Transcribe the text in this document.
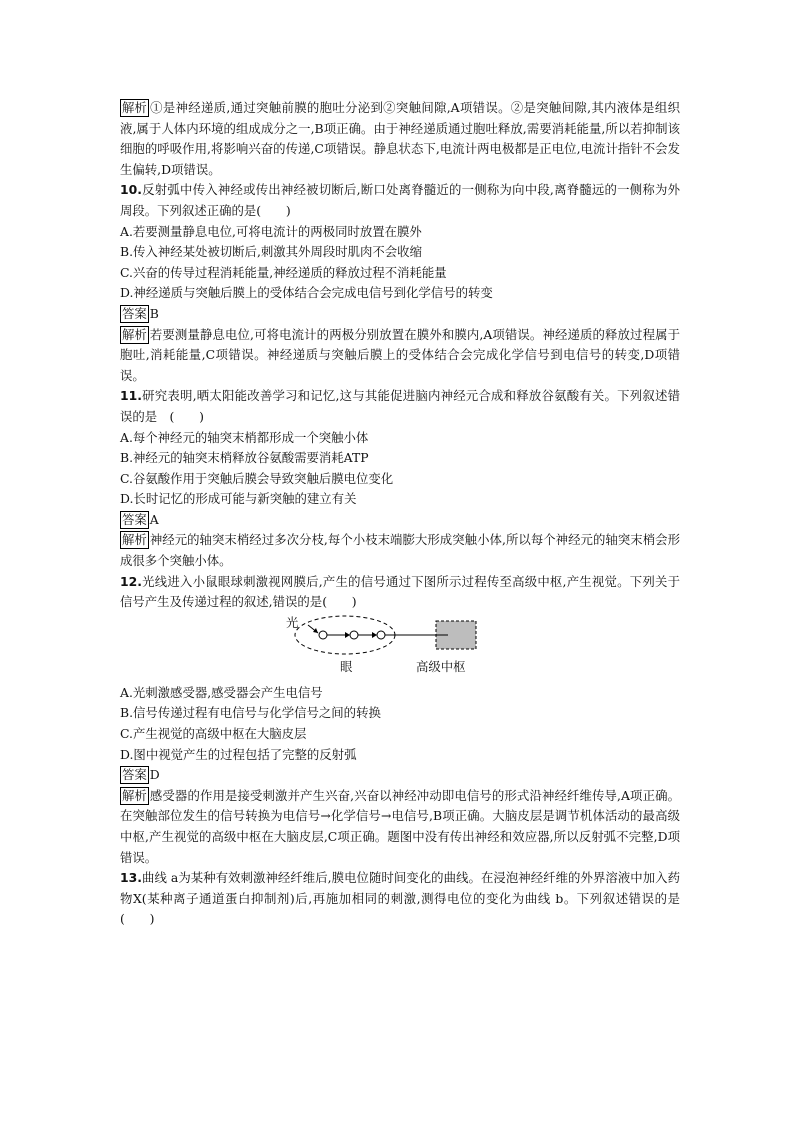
解析 ①是神经递质,通过突触前膜的胞吐分泌到②突触间隙,A项错误。②是突触间隙,其内液体是组织液,属于人体内环境的组成成分之一,B项正确。由于神经递质通过胞吐释放,需要消耗能量,所以若抑制该细胞的呼吸作用,将影响兴奋的传递,C项错误。静息状态下,电流计两电极都是正电位,电流计指针不会发生偏转,D项错误。

10.反射弧中传入神经或传出神经被切断后,断口处离脊髓近的一侧称为向中段,离脊髓远的一侧称为外周段。下列叙述正确的是(　　)

A.若要测量静息电位,可将电流计的两极同时放置在膜外

B.传入神经某处被切断后,刺激其外周段时肌肉不会收缩

C.兴奋的传导过程消耗能量,神经递质的释放过程不消耗能量

D.神经递质与突触后膜上的受体结合会完成电信号到化学信号的转变

答案 B

解析 若要测量静息电位,可将电流计的两极分别放置在膜外和膜内,A项错误。神经递质的释放过程属于胞吐,消耗能量,C项错误。神经递质与突触后膜上的受体结合会完成化学信号到电信号的转变,D项错误。

11.研究表明,晒太阳能改善学习和记忆,这与其能促进脑内神经元合成和释放谷氨酸有关。下列叙述错误的是　(　　)

A.每个神经元的轴突末梢都形成一个突触小体

B.神经元的轴突末梢释放谷氨酸需要消耗ATP

C.谷氨酸作用于突触后膜会导致突触后膜电位变化

D.长时记忆的形成可能与新突触的建立有关

答案 A

解析 神经元的轴突末梢经过多次分枝,每个小枝末端膨大形成突触小体,所以每个神经元的轴突末梢会形成很多个突触小体。

12.光线进入小鼠眼球刺激视网膜后,产生的信号通过下图所示过程传至高级中枢,产生视觉。下列关于信号产生及传递过程的叙述,错误的是(　　)

光
眼	高级中枢

A.光刺激感受器,感受器会产生电信号

B.信号传递过程有电信号与化学信号之间的转换

C.产生视觉的高级中枢在大脑皮层

D.图中视觉产生的过程包括了完整的反射弧

答案 D

解析 感受器的作用是接受刺激并产生兴奋,兴奋以神经冲动即电信号的形式沿神经纤维传导,A项正确。在突触部位发生的信号转换为电信号→化学信号→电信号,B项正确。大脑皮层是调节机体活动的最高级中枢,产生视觉的高级中枢在大脑皮层,C项正确。题图中没有传出神经和效应器,所以反射弧不完整,D项错误。

13.曲线 a为某种有效刺激神经纤维后,膜电位随时间变化的曲线。在浸泡神经纤维的外界溶液中加入药物X(某种离子通道蛋白抑制剂)后,再施加相同的刺激,测得电位的变化为曲线 b。下列叙述错误的是(　　)
